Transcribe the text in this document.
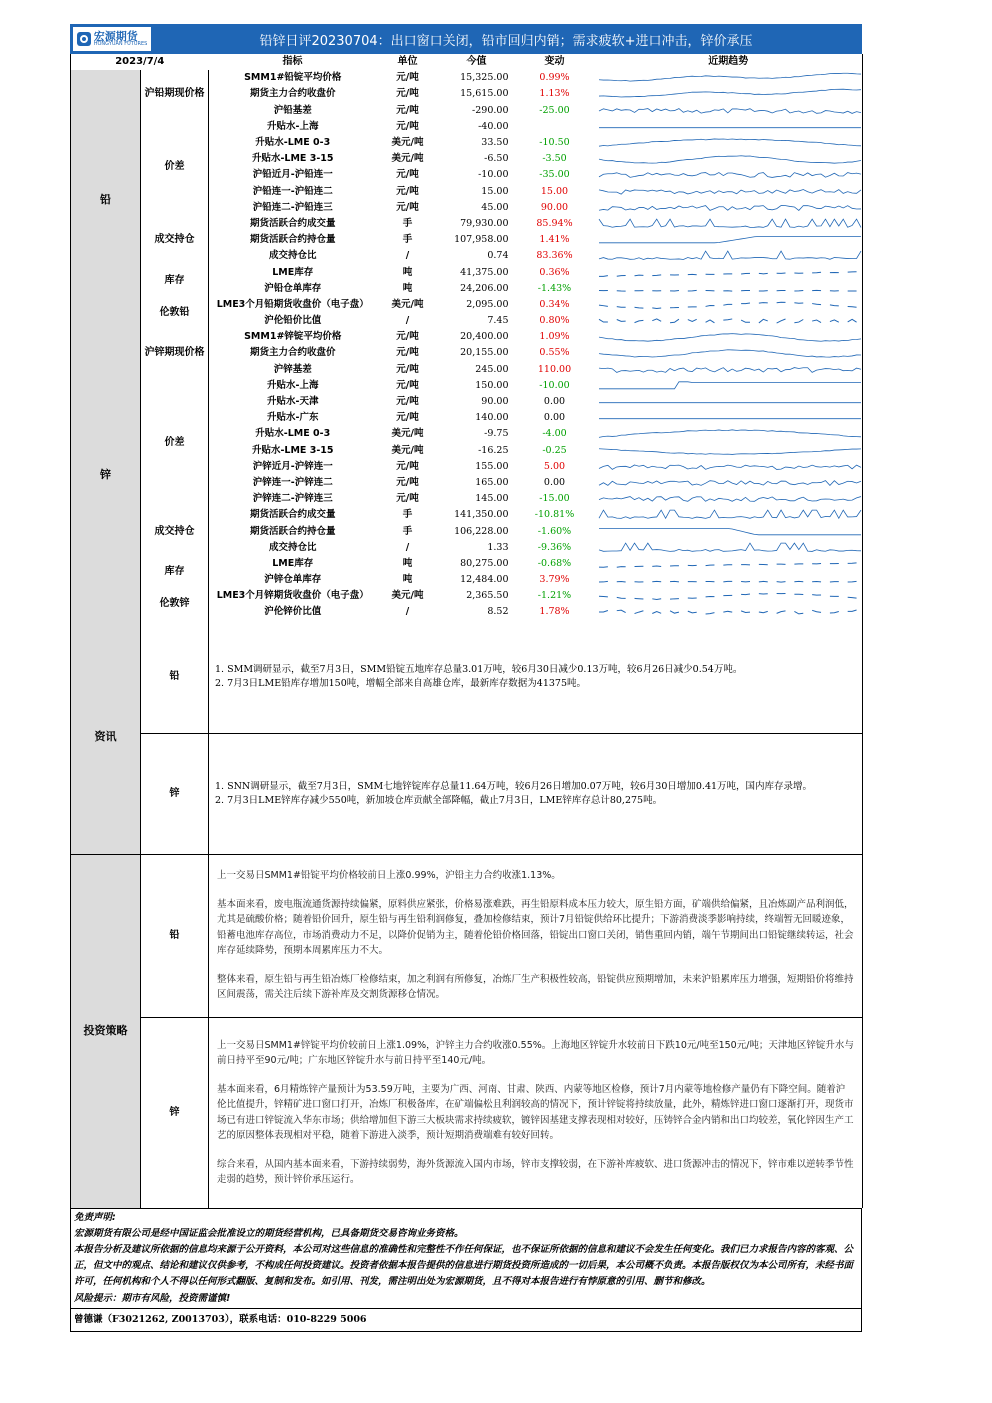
宏源期货
HONGYUAN FUTURES	铅锌日评20230704：出口窗口关闭，铅市回归内销；需求疲软+进口冲击，锌价承压
2023/7/4		指标	单位	今值	变动	近期趋势
铅	沪铅期现价格	SMM1#铅锭平均价格	元/吨	15,325.00	0.99%	

		期货主力合约收盘价	元/吨	15,615.00	1.13%	

		沪铅基差	元/吨	-290.00	-25.00	

	价差	升贴水-上海	元/吨	-40.00		

		升贴水-LME 0-3	美元/吨	33.50	-10.50	

		升贴水-LME 3-15	美元/吨	-6.50	-3.50	

		沪铅近月-沪铅连一	元/吨	-10.00	-35.00	

		沪铅连一-沪铅连二	元/吨	15.00	15.00	

		沪铅连二-沪铅连三	元/吨	45.00	90.00	

	成交持仓	期货活跃合约成交量	手	79,930.00	85.94%	

		期货活跃合约持仓量	手	107,958.00	1.41%	

		成交持仓比	/	0.74	83.36%	

	库存	LME库存	吨	41,375.00	0.36%	

		沪铅仓单库存	吨	24,206.00	-1.43%	

	伦敦铅	LME3个月铅期货收盘价（电子盘）	美元/吨	2,095.00	0.34%	

		沪伦铅价比值	/	7.45	0.80%	

锌	沪锌期现价格	SMM1#锌锭平均价格	元/吨	20,400.00	1.09%	

		期货主力合约收盘价	元/吨	20,155.00	0.55%	

		沪锌基差	元/吨	245.00	110.00	

	价差	升贴水-上海	元/吨	150.00	-10.00	

		升贴水-天津	元/吨	90.00	0.00	

		升贴水-广东	元/吨	140.00	0.00	

		升贴水-LME 0-3	美元/吨	-9.75	-4.00	

		升贴水-LME 3-15	美元/吨	-16.25	-0.25	

		沪锌近月-沪锌连一	元/吨	155.00	5.00	

		沪锌连一-沪锌连二	元/吨	165.00	0.00	

		沪锌连二-沪锌连三	元/吨	145.00	-15.00	

	成交持仓	期货活跃合约成交量	手	141,350.00	-10.81%	

		期货活跃合约持仓量	手	106,228.00	-1.60%	

		成交持仓比	/	1.33	-9.36%	

	库存	LME库存	吨	80,275.00	-0.68%	

		沪锌仓单库存	吨	12,484.00	3.79%	

	伦敦锌	LME3个月锌期货收盘价（电子盘）	美元/吨	2,365.50	-1.21%	

		沪伦锌价比值	/	8.52	1.78%	
资讯	铅	1. SMM调研显示，截至7月3日，SMM铅锭五地库存总量3.01万吨，较6月30日减少0.13万吨，较6月26日减少0.54万吨。
2. 7月3日LME铅库存增加150吨，增幅全部来自高雄仓库，最新库存数据为41375吨。

	锌	1. SNN调研显示，截至7月3日，SMM七地锌锭库存总量11.64万吨，较6月26日增加0.07万吨，较6月30日增加0.41万吨，国内库存录增。
2. 7月3日LME锌库存减少550吨，新加坡仓库贡献全部降幅，截止7月3日，LME锌库存总计80,275吨。
投资策略	铅	上一交易日SMM1#铅锭平均价格较前日上涨0.99%，沪铅主力合约收涨1.13%。

基本面来看，废电瓶流通货源持续偏紧，原料供应紧张，价格易涨难跌，再生铅原料成本压力较大，原生铅方面，矿端供给偏紧，且冶炼副产品利润低，尤其是硫酸价格；随着铅价回升，原生铅与再生铅利润修复，叠加检修结束，预计7月铅锭供给环比提升；下游消费淡季影响持续，终端暂无回暖迹象，铅蓄电池库存高位，市场消费动力不足，以降价促销为主，随着伦铅价格回落，铅锭出口窗口关闭，销售重回内销，端午节期间出口铅锭继续转运，社会库存延续降势，预期本周累库压力不大。

整体来看，原生铅与再生铅冶炼厂检修结束，加之利润有所修复，冶炼厂生产积极性较高，铅锭供应预期增加，未来沪铅累库压力增强，短期铅价将维持区间震荡，需关注后续下游补库及交割货源移仓情况。

	锌	上一交易日SMM1#锌锭平均价较前日上涨1.09%，沪锌主力合约收涨0.55%。上海地区锌锭升水较前日下跌10元/吨至150元/吨；天津地区锌锭升水与前日持平至90元/吨；广东地区锌锭升水与前日持平至140元/吨。

基本面来看，6月精炼锌产量预计为53.59万吨，主要为广西、河南、甘肃、陕西、内蒙等地区检修，预计7月内蒙等地检修产量仍有下降空间。随着沪伦比值提升，锌精矿进口窗口打开，冶炼厂积极备库，在矿端偏松且利润较高的情况下，预计锌锭将持续放量，此外，精炼锌进口窗口逐渐打开，现货市场已有进口锌锭流入华东市场；供给增加但下游三大板块需求持续疲软，镀锌因基建支撑表现相对较好，压铸锌合金内销和出口均较差，氧化锌因生产工艺的原因整体表现相对平稳，随着下游进入淡季，预计短期消费端难有较好回转。

综合来看，从国内基本面来看，下游持续弱势，海外货源流入国内市场，锌市支撑较弱，在下游补库疲软、进口货源冲击的情况下，锌市难以逆转季节性走弱的趋势，预计锌价承压运行。

免责声明:
宏源期货有限公司是经中国证监会批准设立的期货经营机构，已具备期货交易咨询业务资格。
本报告分析及建议所依据的信息均来源于公开资料，本公司对这些信息的准确性和完整性不作任何保证，也不保证所依据的信息和建议不会发生任何变化。我们已力求报告内容的客观、公正，但文中的观点、结论和建议仅供参考，不构成任何投资建议。投资者依据本报告提供的信息进行期货投资所造成的一切后果，本公司概不负责。本报告版权仅为本公司所有，未经书面许可，任何机构和个人不得以任何形式翻版、复制和发布。如引用、刊发，需注明出处为宏源期货，且不得对本报告进行有悖原意的引用、删节和修改。
风险提示：期市有风险，投资需谨慎!
曾德谦（F3021262, Z0013703），联系电话：010-8229 5006
